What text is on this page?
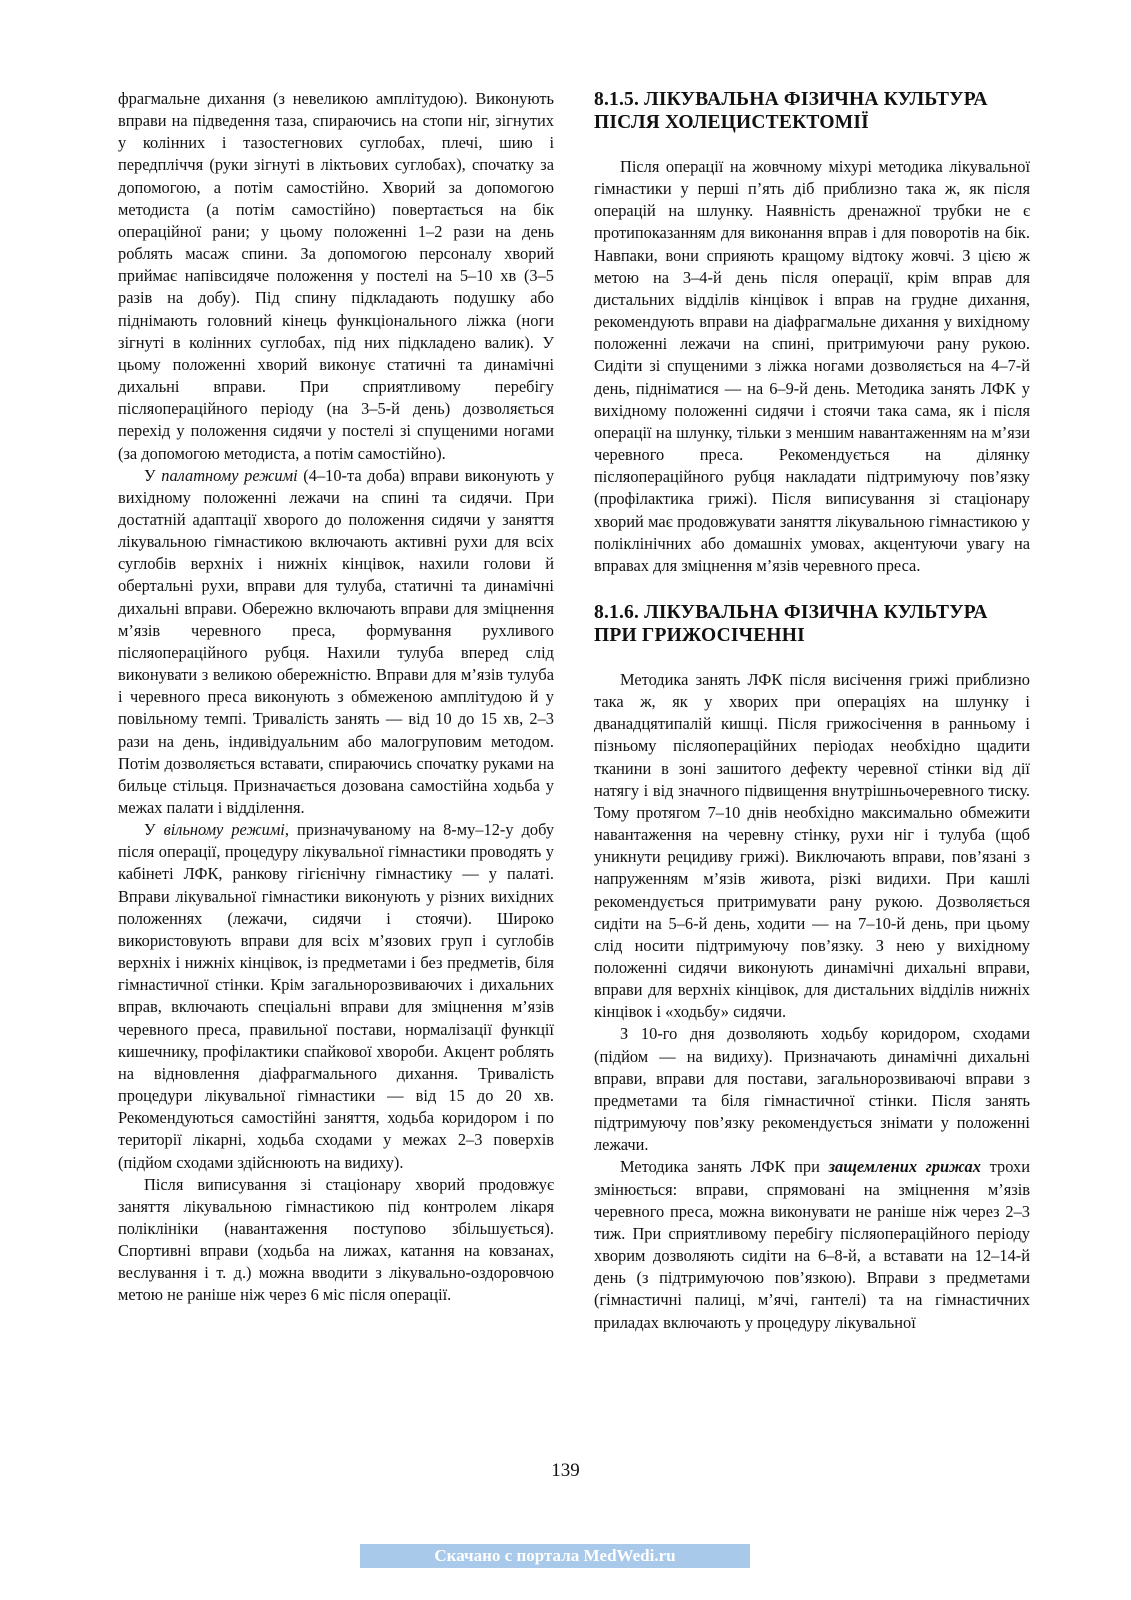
фрагмальне дихання (з невеликою амплітудою). Виконують вправи на підведення таза, спираючись на стопи ніг, зігнутих у колінних і тазостегнових суглобах, плечі, шию і передпліччя (руки зігнуті в ліктьових суглобах), спочатку за допомогою, а потім самостійно. Хворий за допомогою методиста (а потім самостійно) повертається на бік операційної рани; у цьому положенні 1–2 рази на день роблять масаж спини. За допомогою персоналу хворий приймає напівсидяче положення у постелі на 5–10 хв (3–5 разів на добу). Під спину підкладають подушку або піднімають головний кінець функціонального ліжка (ноги зігнуті в колінних суглобах, під них підкладено валик). У цьому положенні хворий виконує статичні та динамічні дихальні вправи. При сприятливому перебігу післяопераційного періоду (на 3–5-й день) дозволяється перехід у положення сидячи у постелі зі спущеними ногами (за допомогою методиста, а потім самостійно).

У палатному режимі (4–10-та доба) вправи виконують у вихідному положенні лежачи на спині та сидячи. При достатній адаптації хворого до положення сидячи у заняття лікувальною гімнастикою включають активні рухи для всіх суглобів верхніх і нижніх кінцівок, нахили голови й обертальні рухи, вправи для тулуба, статичні та динамічні дихальні вправи. Обережно включають вправи для зміцнення м’язів черевного преса, формування рухливого післяопераційного рубця. Нахили тулуба вперед слід виконувати з великою обережністю. Вправи для м’язів тулуба і черевного преса виконують з обмеженою амплітудою й у повільному темпі. Тривалість занять — від 10 до 15 хв, 2–3 рази на день, індивідуальним або малогруповим методом. Потім дозволяється вставати, спираючись спочатку руками на бильце стільця. Призначається дозована самостійна ходьба у межах палати і відділення.

У вільному режимі, призначуваному на 8-му–12-у добу після операції, процедуру лікувальної гімнастики проводять у кабінеті ЛФК, ранкову гігієнічну гімнастику — у палаті. Вправи лікувальної гімнастики виконують у різних вихідних положеннях (лежачи, сидячи і стоячи). Широко використовують вправи для всіх м’язових груп і суглобів верхніх і нижніх кінцівок, із предметами і без предметів, біля гімнастичної стінки. Крім загальнорозвиваючих і дихальних вправ, включають спеціальні вправи для зміцнення м’язів черевного преса, правильної постави, нормалізації функції кишечнику, профілактики спайкової хвороби. Акцент роблять на відновлення діафрагмального дихання. Тривалість процедури лікувальної гімнастики — від 15 до 20 хв. Рекомендуються самостійні заняття, ходьба коридором і по території лікарні, ходьба сходами у межах 2–3 поверхів (підйом сходами здійснюють на видиху).

Після виписування зі стаціонару хворий продовжує заняття лікувальною гімнастикою під контролем лікаря поліклініки (навантаження поступово збільшується). Спортивні вправи (ходьба на лижах, катання на ковзанах, веслування і т. д.) можна вводити з лікувально-оздоровчою метою не раніше ніж через 6 міс після операції.

8.1.5. ЛІКУВАЛЬНА ФІЗИЧНА КУЛЬТУРА ПІСЛЯ ХОЛЕЦИСТЕКТОМІЇ

Після операції на жовчному міхурі методика лікувальної гімнастики у перші п’ять діб приблизно така ж, як після операцій на шлунку. Наявність дренажної трубки не є протипоказанням для виконання вправ і для поворотів на бік. Навпаки, вони сприяють кращому відтоку жовчі. З цією ж метою на 3–4-й день після операції, крім вправ для дистальних відділів кінцівок і вправ на грудне дихання, рекомендують вправи на діафрагмальне дихання у вихідному положенні лежачи на спині, притримуючи рану рукою. Сидіти зі спущеними з ліжка ногами дозволяється на 4–7-й день, підніматися — на 6–9-й день. Методика занять ЛФК у вихідному положенні сидячи і стоячи така сама, як і після операції на шлунку, тільки з меншим навантаженням на м’язи черевного преса. Рекомендується на ділянку післяопераційного рубця накладати підтримуючу пов’язку (профілактика грижі). Після виписування зі стаціонару хворий має продовжувати заняття лікувальною гімнастикою у поліклінічних або домашніх умовах, акцентуючи увагу на вправах для зміцнення м’язів черевного преса.

8.1.6. ЛІКУВАЛЬНА ФІЗИЧНА КУЛЬТУРА ПРИ ГРИЖОСІЧЕННІ

Методика занять ЛФК після висічення грижі приблизно така ж, як у хворих при операціях на шлунку і дванадцятипалій кишці. Після грижосічення в ранньому і пізньому післяопераційних періодах необхідно щадити тканини в зоні зашитого дефекту черевної стінки від дії натягу і від значного підвищення внутрішньочеревного тиску. Тому протягом 7–10 днів необхідно максимально обмежити навантаження на черевну стінку, рухи ніг і тулуба (щоб уникнути рецидиву грижі). Виключають вправи, пов’язані з напруженням м’язів живота, різкі видихи. При кашлі рекомендується притримувати рану рукою. Дозволяється сидіти на 5–6-й день, ходити — на 7–10-й день, при цьому слід носити підтримуючу пов’язку. З нею у вихідному положенні сидячи виконують динамічні дихальні вправи, вправи для верхніх кінцівок, для дистальних відділів нижніх кінцівок і «ходьбу» сидячи.

З 10-го дня дозволяють ходьбу коридором, сходами (підйом — на видиху). Призначають динамічні дихальні вправи, вправи для постави, загальнорозвиваючі вправи з предметами та біля гімнастичної стінки. Після занять підтримуючу пов’язку рекомендується знімати у положенні лежачи.

Методика занять ЛФК при защемлених грижах трохи змінюється: вправи, спрямовані на зміцнення м’язів черевного преса, можна виконувати не раніше ніж через 2–3 тиж. При сприятливому перебігу післяопераційного періоду хворим дозволяють сидіти на 6–8-й, а вставати на 12–14-й день (з підтримуючою пов’язкою). Вправи з предметами (гімнастичні палиці, м’ячі, гантелі) та на гімнастичних приладах включають у процедуру лікувальної

139
Скачано с портала MedWedi.ru
